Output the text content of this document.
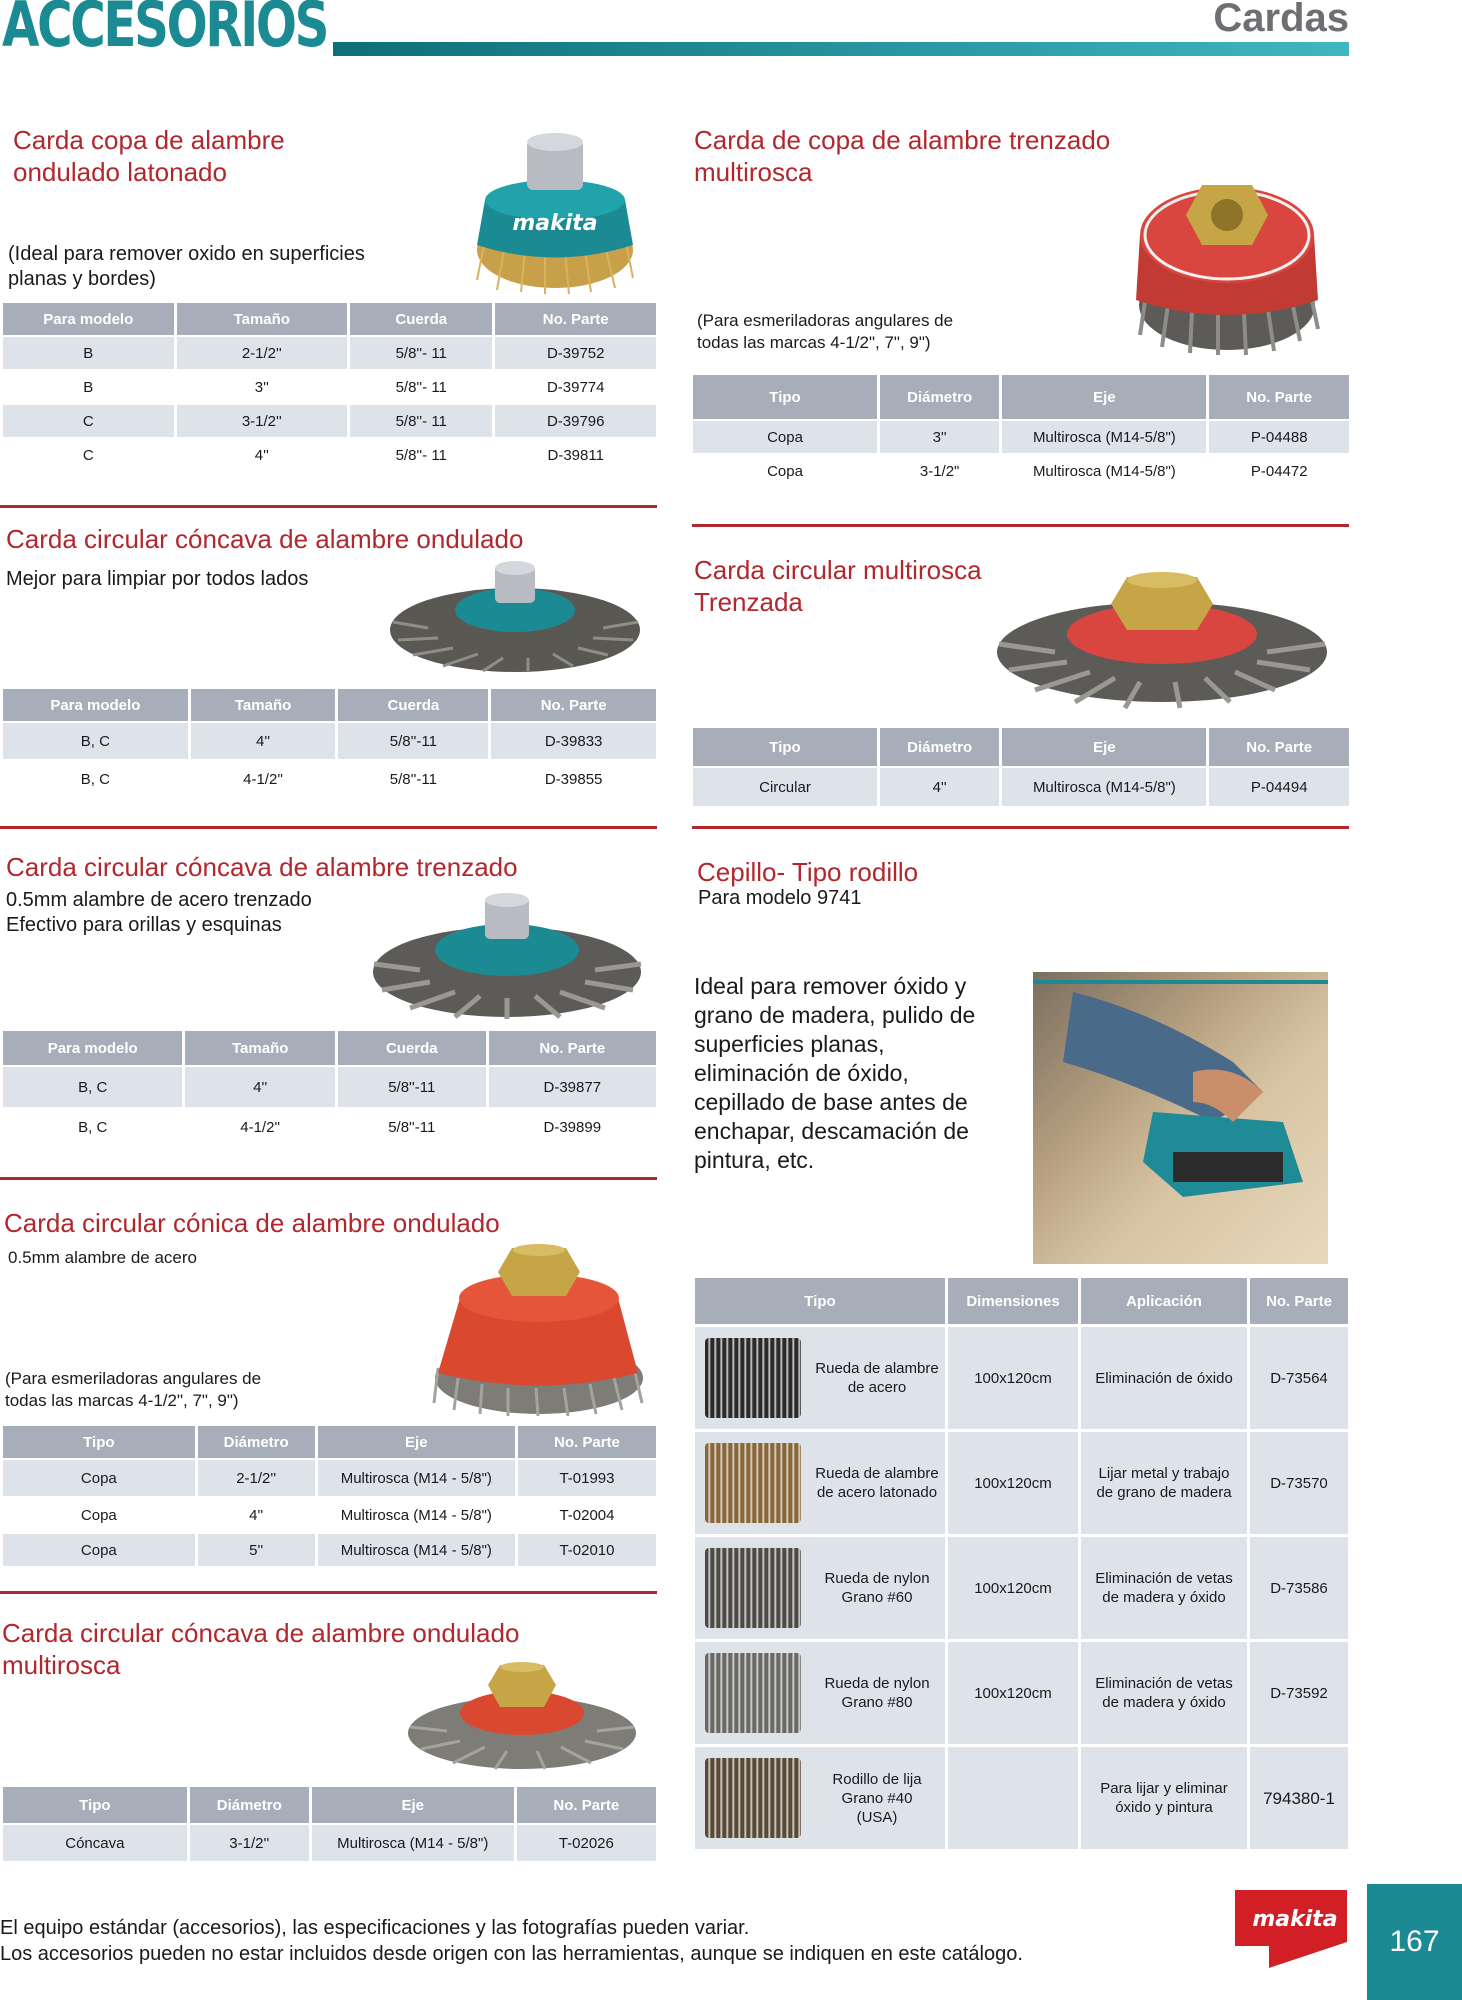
ACCESORIOS	Cardas
Carda copa de alambre
ondulado latonado
makita
(Ideal para remover oxido en superficies
planas y bordes)
Para modelo	Tamaño	Cuerda	No. Parte
B	2-1/2''	5/8''- 11	D-39752
B	3''	5/8''- 11	D-39774
C	3-1/2''	5/8''- 11	D-39796
C	4''	5/8''- 11	D-39811
Carda de copa de alambre trenzado
multirosca
(Para esmeriladoras angulares de
todas las marcas 4-1/2", 7", 9")
Tipo	Diámetro	Eje	No. Parte
Copa	3''	Multirosca (M14-5/8")	P-04488
Copa	3-1/2"	Multirosca (M14-5/8")	P-04472
Carda circular cóncava de alambre ondulado
Mejor para limpiar por todos lados
Para modelo	Tamaño	Cuerda	No. Parte
B, C	4''	5/8''-11	D-39833
B, C	4-1/2''	5/8''-11	D-39855
Carda circular multirosca
Trenzada
Tipo	Diámetro	Eje	No. Parte
Circular	4''	Multirosca (M14-5/8")	P-04494
Carda circular cóncava de alambre trenzado
0.5mm alambre de acero trenzado
Efectivo para orillas y esquinas
Para modelo	Tamaño	Cuerda	No. Parte
B, C	4''	5/8''-11	D-39877
B, C	4-1/2''	5/8''-11	D-39899
Cepillo- Tipo rodillo
Para modelo 9741
Ideal para remover óxido y
grano de madera, pulido de
superficies planas,
eliminación de óxido,
cepillado de base antes de
enchapar, descamación de
pintura, etc.
Tipo	Dimensiones	Aplicación	No. Parte

Rueda de alambre
de acero	100x120cm	Eliminación de óxido	D-73564

Rueda de alambre
de acero latonado	100x120cm	Lijar metal y trabajo
de grano de madera	D-73570

Rueda de nylon
Grano #60	100x120cm	Eliminación de vetas
de madera y óxido	D-73586

Rueda de nylon
Grano #80	100x120cm	Eliminación de vetas
de madera y óxido	D-73592

Rodillo de lija
Grano #40
(USA)		Para lijar y eliminar
óxido y pintura	794380-1
Carda circular cónica de alambre ondulado
0.5mm alambre de acero
(Para esmeriladoras angulares de
todas las marcas 4-1/2", 7", 9")
Tipo	Diámetro	Eje	No. Parte
Copa	2-1/2''	Multirosca (M14 - 5/8")	T-01993
Copa	4''	Multirosca (M14 - 5/8")	T-02004
Copa	5''	Multirosca (M14 - 5/8")	T-02010
Carda circular cóncava de alambre ondulado
multirosca
Tipo	Diámetro	Eje	No. Parte
Cóncava	3-1/2''	Multirosca (M14 - 5/8")	T-02026
El equipo estándar (accesorios), las especificaciones y las fotografías pueden variar.
Los accesorios pueden no estar incluidos desde origen con las herramientas, aunque se indiquen en este catálogo.
makita
167
